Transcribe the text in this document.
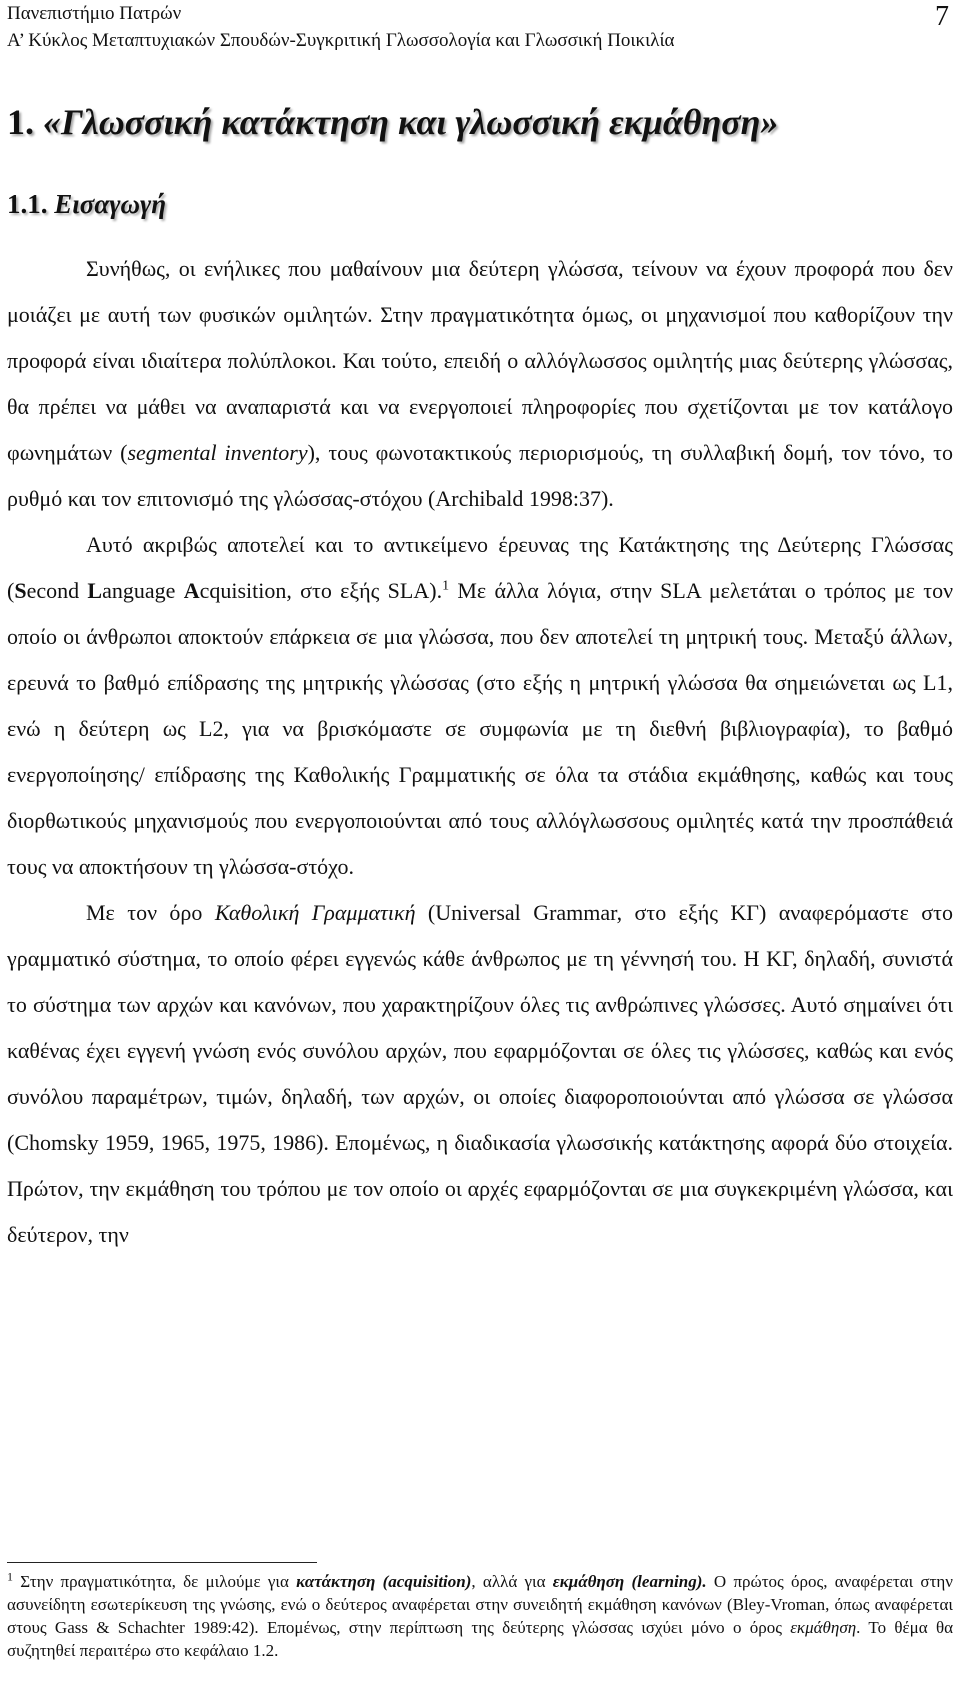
Πανεπιστήμιο Πατρών
Α’ Κύκλος Μεταπτυχιακών Σπουδών-Συγκριτική Γλωσσολογία και Γλωσσική Ποικιλία
7
1. «Γλωσσική κατάκτηση και γλωσσική εκμάθηση»
1.1. Εισαγωγή

Συνήθως, οι ενήλικες που μαθαίνουν μια δεύτερη γλώσσα, τείνουν να έχουν προφορά που δεν μοιάζει με αυτή των φυσικών ομιλητών. Στην πραγματικότητα όμως, οι μηχανισμοί που καθορίζουν την προφορά είναι ιδιαίτερα πολύπλοκοι. Και τούτο, επειδή ο αλλόγλωσσος ομιλητής μιας δεύτερης γλώσσας, θα πρέπει να μάθει να αναπαριστά και να ενεργοποιεί πληροφορίες που σχετίζονται με τον κατάλογο φωνημάτων (segmental inventory), τους φωνοτακτικούς περιορισμούς, τη συλλαβική δομή, τον τόνο, το ρυθμό και τον επιτονισμό της γλώσσας-στόχου (Archibald 1998:37).

Αυτό ακριβώς αποτελεί και το αντικείμενο έρευνας της Κατάκτησης της Δεύτερης Γλώσσας (Second Language Acquisition, στο εξής SLA).$^1$ Με άλλα λόγια, στην SLA μελετάται ο τρόπος με τον οποίο οι άνθρωποι αποκτούν επάρκεια σε μια γλώσσα, που δεν αποτελεί τη μητρική τους. Μεταξύ άλλων, ερευνά το βαθμό επίδρασης της μητρικής γλώσσας (στο εξής η μητρική γλώσσα θα σημειώνεται ως L1, ενώ η δεύτερη ως L2, για να βρισκόμαστε σε συμφωνία με τη διεθνή βιβλιογραφία), το βαθμό ενεργοποίησης/ επίδρασης της Καθολικής Γραμματικής σε όλα τα στάδια εκμάθησης, καθώς και τους διορθωτικούς μηχανισμούς που ενεργοποιούνται από τους αλλόγλωσσους ομιλητές κατά την προσπάθειά τους να αποκτήσουν τη γλώσσα-στόχο.

Με τον όρο Καθολική Γραμματική (Universal Grammar, στο εξής ΚΓ) αναφερόμαστε στο γραμματικό σύστημα, το οποίο φέρει εγγενώς κάθε άνθρωπος με τη γέννησή του. Η ΚΓ, δηλαδή, συνιστά το σύστημα των αρχών και κανόνων, που χαρακτηρίζουν όλες τις ανθρώπινες γλώσσες. Αυτό σημαίνει ότι καθένας έχει εγγενή γνώση ενός συνόλου αρχών, που εφαρμόζονται σε όλες τις γλώσσες, καθώς και ενός συνόλου παραμέτρων, τιμών, δηλαδή, των αρχών, οι οποίες διαφοροποιούνται από γλώσσα σε γλώσσα (Chomsky 1959, 1965, 1975, 1986). Επομένως, η διαδικασία γλωσσικής κατάκτησης αφορά δύο στοιχεία. Πρώτον, την εκμάθηση του τρόπου με τον οποίο οι αρχές εφαρμόζονται σε μια συγκεκριμένη γλώσσα, και δεύτερον, την

$^1$ Στην πραγματικότητα, δε μιλούμε για κατάκτηση (acquisition), αλλά για εκμάθηση (learning). Ο πρώτος όρος, αναφέρεται στην ασυνείδητη εσωτερίκευση της γνώσης, ενώ ο δεύτερος αναφέρεται στην συνειδητή εκμάθηση κανόνων (Bley-Vroman, όπως αναφέρεται στους Gass & Schachter 1989:42). Επομένως, στην περίπτωση της δεύτερης γλώσσας ισχύει μόνο ο όρος εκμάθηση. Το θέμα θα συζητηθεί περαιτέρω στο κεφάλαιο 1.2.
